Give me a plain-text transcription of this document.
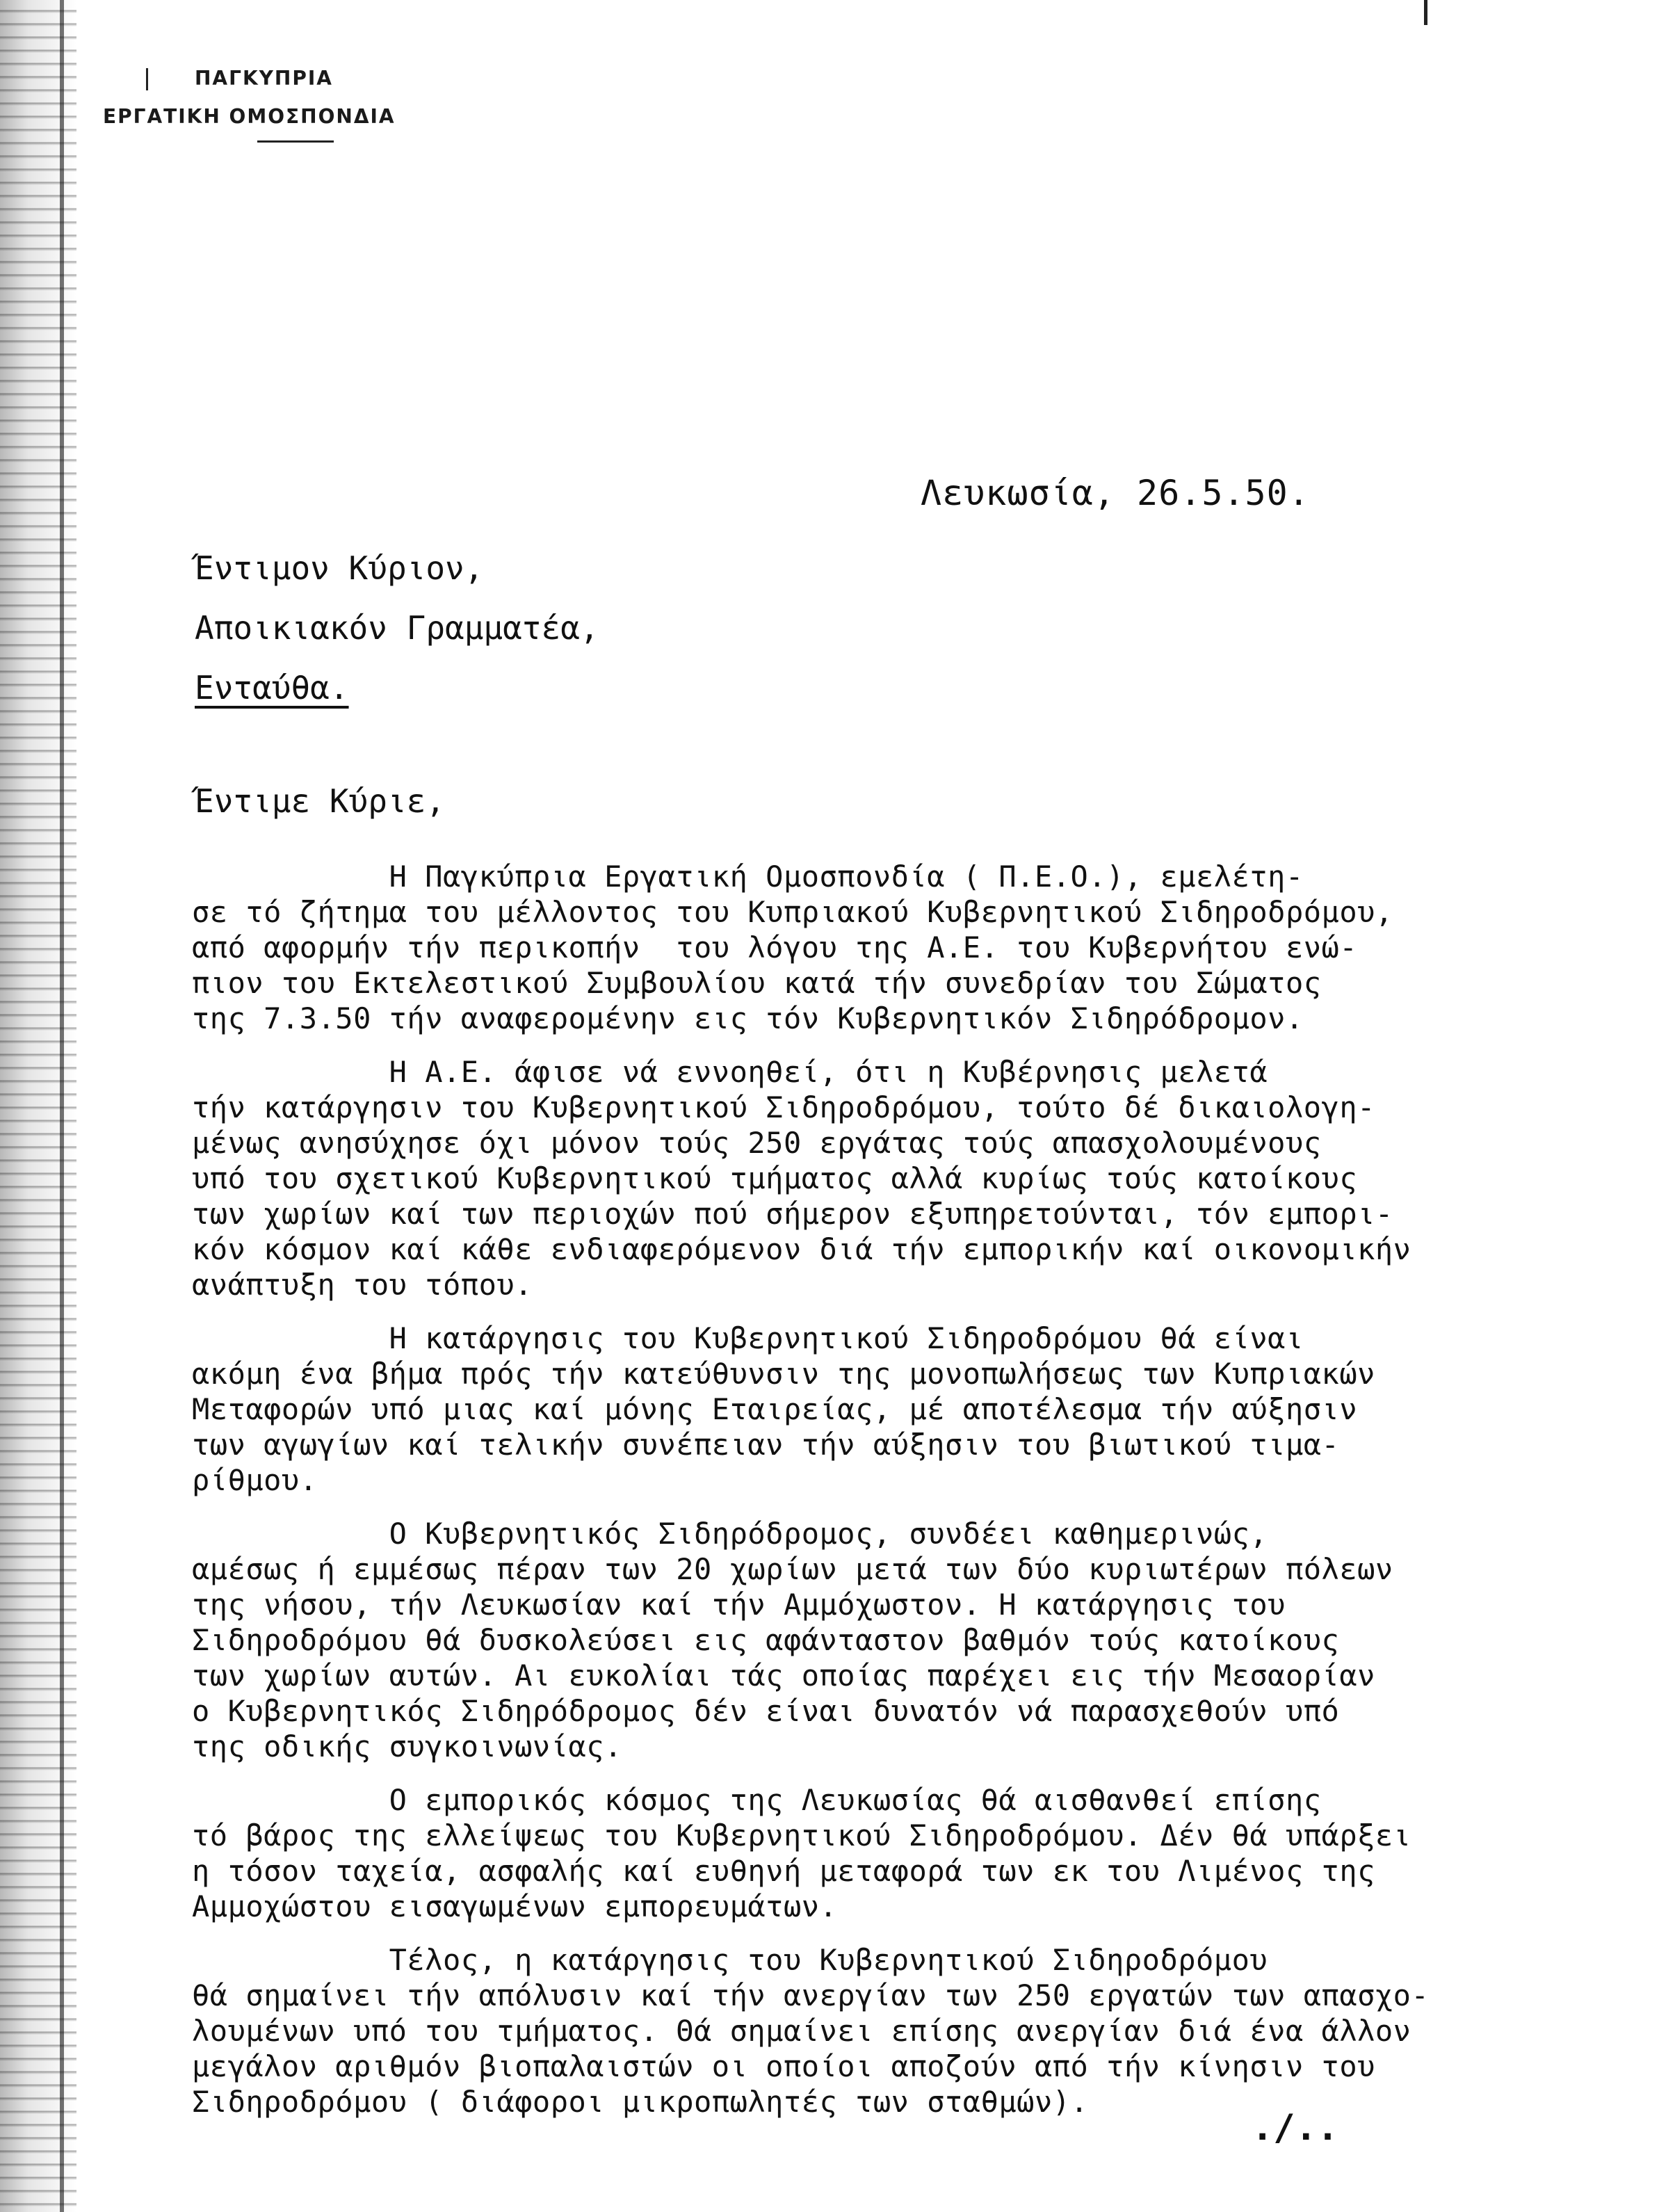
ΠΑΓΚΥΠΡΙΑ
ΕΡΓΑΤΙΚΗ ΟΜΟΣΠΟΝΔΙΑ
Λευκωσία, 26.5.50.
Έντιμον Κύριον,
Αποικιακόν Γραμματέα,
Ενταύθα.
Έντιμε Κύριε,
Η Παγκύπρια Εργατική Ομοσπονδία ( Π.Ε.Ο.), εμελέτη-
σε τό ζήτημα του μέλλοντος του Κυπριακού Κυβερνητικού Σιδηροδρόμου,
από αφορμήν τήν περικοπήν  του λόγου της Α.Ε. του Κυβερνήτου ενώ-
πιον του Εκτελεστικού Συμβουλίου κατά τήν συνεδρίαν του Σώματος
της 7.3.50 τήν αναφερομένην εις τόν Κυβερνητικόν Σιδηρόδρομον.
Η Α.Ε. άφισε νά εννοηθεί, ότι η Κυβέρνησις μελετά
τήν κατάργησιν του Κυβερνητικού Σιδηροδρόμου, τούτο δέ δικαιολογη-
μένως ανησύχησε όχι μόνον τούς 250 εργάτας τούς απασχολουμένους
υπό του σχετικού Κυβερνητικού τμήματος αλλά κυρίως τούς κατοίκους
των χωρίων καί των περιοχών πού σήμερον εξυπηρετούνται, τόν εμπορι-
κόν κόσμον καί κάθε ενδιαφερόμενον διά τήν εμπορικήν καί οικονομικήν
ανάπτυξη του τόπου.
Η κατάργησις του Κυβερνητικού Σιδηροδρόμου θά είναι
ακόμη ένα βήμα πρός τήν κατεύθυνσιν της μονοπωλήσεως των Κυπριακών
Μεταφορών υπό μιας καί μόνης Εταιρείας, μέ αποτέλεσμα τήν αύξησιν
των αγωγίων καί τελικήν συνέπειαν τήν αύξησιν του βιωτικού τιμα-
ρίθμου.
Ο Κυβερνητικός Σιδηρόδρομος, συνδέει καθημερινώς,
αμέσως ή εμμέσως πέραν των 20 χωρίων μετά των δύο κυριωτέρων πόλεων
της νήσου, τήν Λευκωσίαν καί τήν Αμμόχωστον. Η κατάργησις του
Σιδηροδρόμου θά δυσκολεύσει εις αφάνταστον βαθμόν τούς κατοίκους
των χωρίων αυτών. Αι ευκολίαι τάς οποίας παρέχει εις τήν Μεσαορίαν
ο Κυβερνητικός Σιδηρόδρομος δέν είναι δυνατόν νά παρασχεθούν υπό
της οδικής συγκοινωνίας.
Ο εμπορικός κόσμος της Λευκωσίας θά αισθανθεί επίσης
τό βάρος της ελλείψεως του Κυβερνητικού Σιδηροδρόμου. Δέν θά υπάρξει
η τόσον ταχεία, ασφαλής καί ευθηνή μεταφορά των εκ του Λιμένος της
Αμμοχώστου εισαγωμένων εμπορευμάτων.
Τέλος, η κατάργησις του Κυβερνητικού Σιδηροδρόμου
θά σημαίνει τήν απόλυσιν καί τήν ανεργίαν των 250 εργατών των απασχο-
λουμένων υπό του τμήματος. Θά σημαίνει επίσης ανεργίαν διά ένα άλλον
μεγάλον αριθμόν βιοπαλαιστών οι οποίοι αποζούν από τήν κίνησιν του
Σιδηροδρόμου ( διάφοροι μικροπωλητές των σταθμών).
./..
